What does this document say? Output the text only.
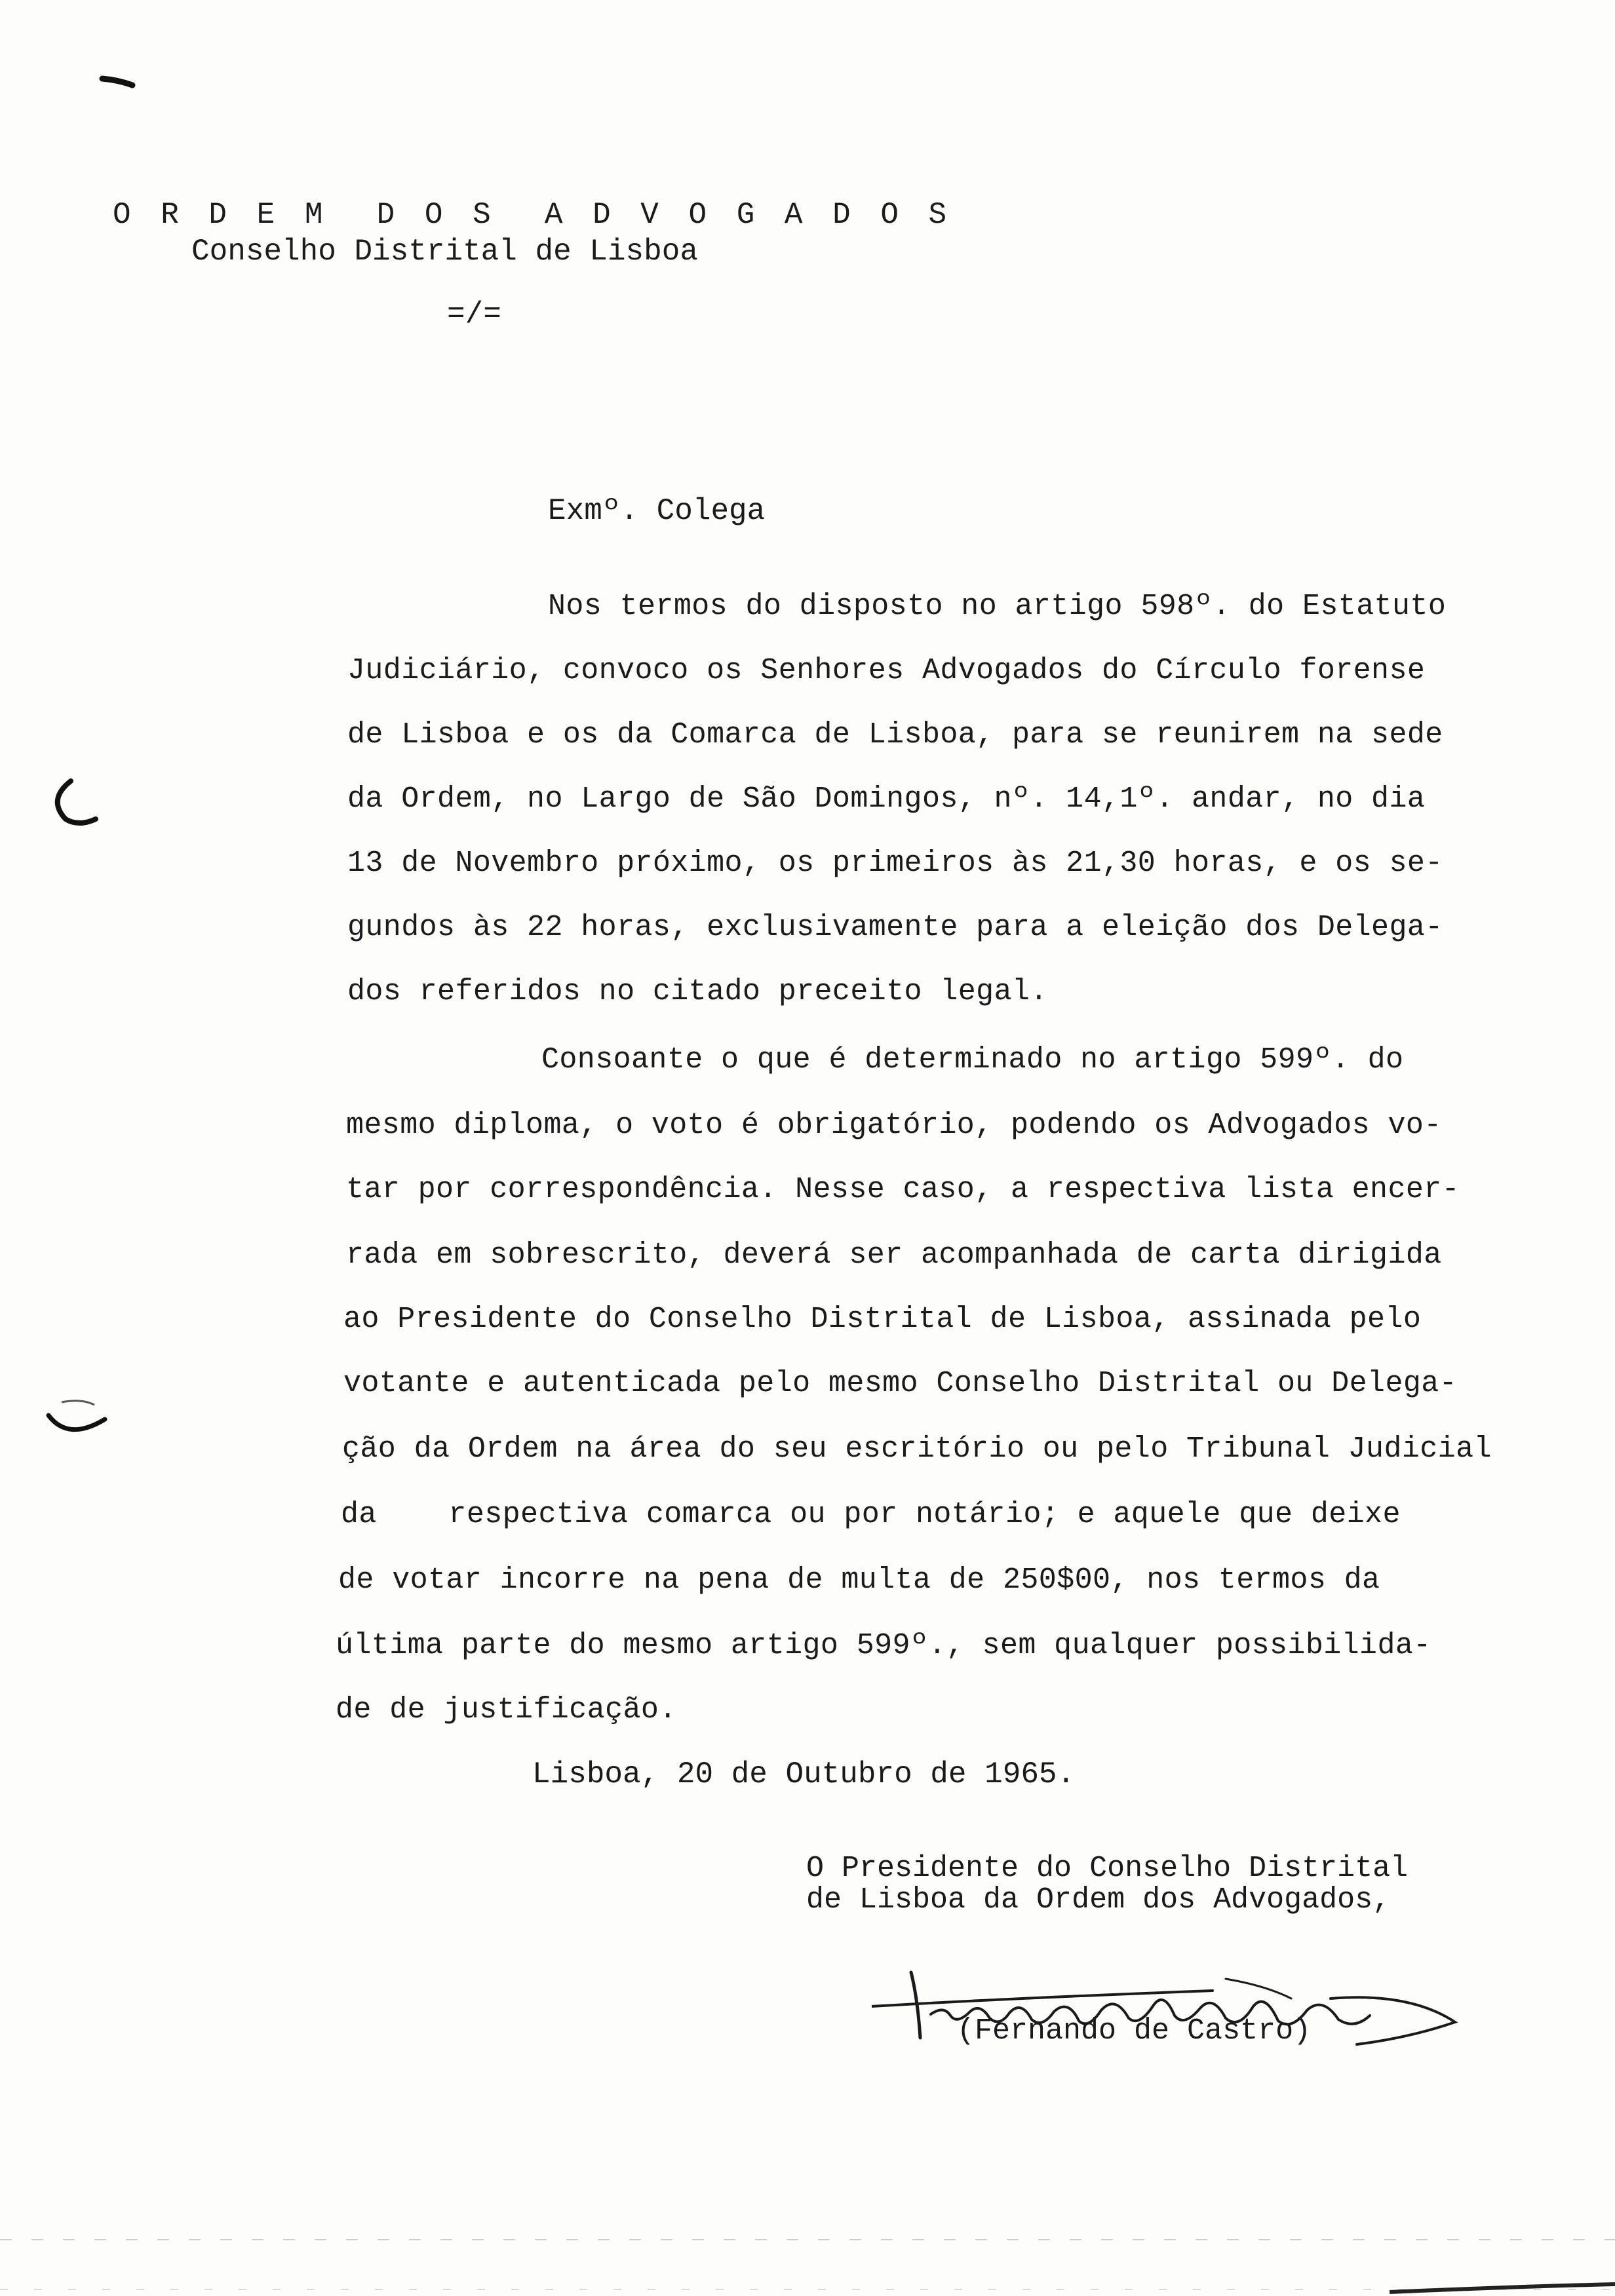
O R D E M  D O S  A D V O G A D O S
Conselho Distrital de Lisboa
=/=
Exmº. Colega
Nos termos do disposto no artigo 598º. do Estatuto
Judiciário, convoco os Senhores Advogados do Círculo forense
de Lisboa e os da Comarca de Lisboa, para se reunirem na sede
da Ordem, no Largo de São Domingos, nº. 14,1º. andar, no dia
13 de Novembro próximo, os primeiros às 21,30 horas, e os se-
gundos às 22 horas, exclusivamente para a eleição dos Delega-
dos referidos no citado preceito legal.
Consoante o que é determinado no artigo 599º. do
mesmo diploma, o voto é obrigatório, podendo os Advogados vo-
tar por correspondência. Nesse caso, a respectiva lista encer-
rada em sobrescrito, deverá ser acompanhada de carta dirigida
ao Presidente do Conselho Distrital de Lisboa, assinada pelo
votante e autenticada pelo mesmo Conselho Distrital ou Delega-
ção da Ordem na área do seu escritório ou pelo Tribunal Judicial
da    respectiva comarca ou por notário; e aquele que deixe
de votar incorre na pena de multa de 250$00, nos termos da
última parte do mesmo artigo 599º., sem qualquer possibilida-
de de justificação.
Lisboa, 20 de Outubro de 1965.
O Presidente do Conselho Distrital
de Lisboa da Ordem dos Advogados,
(Fernando de Castro)
